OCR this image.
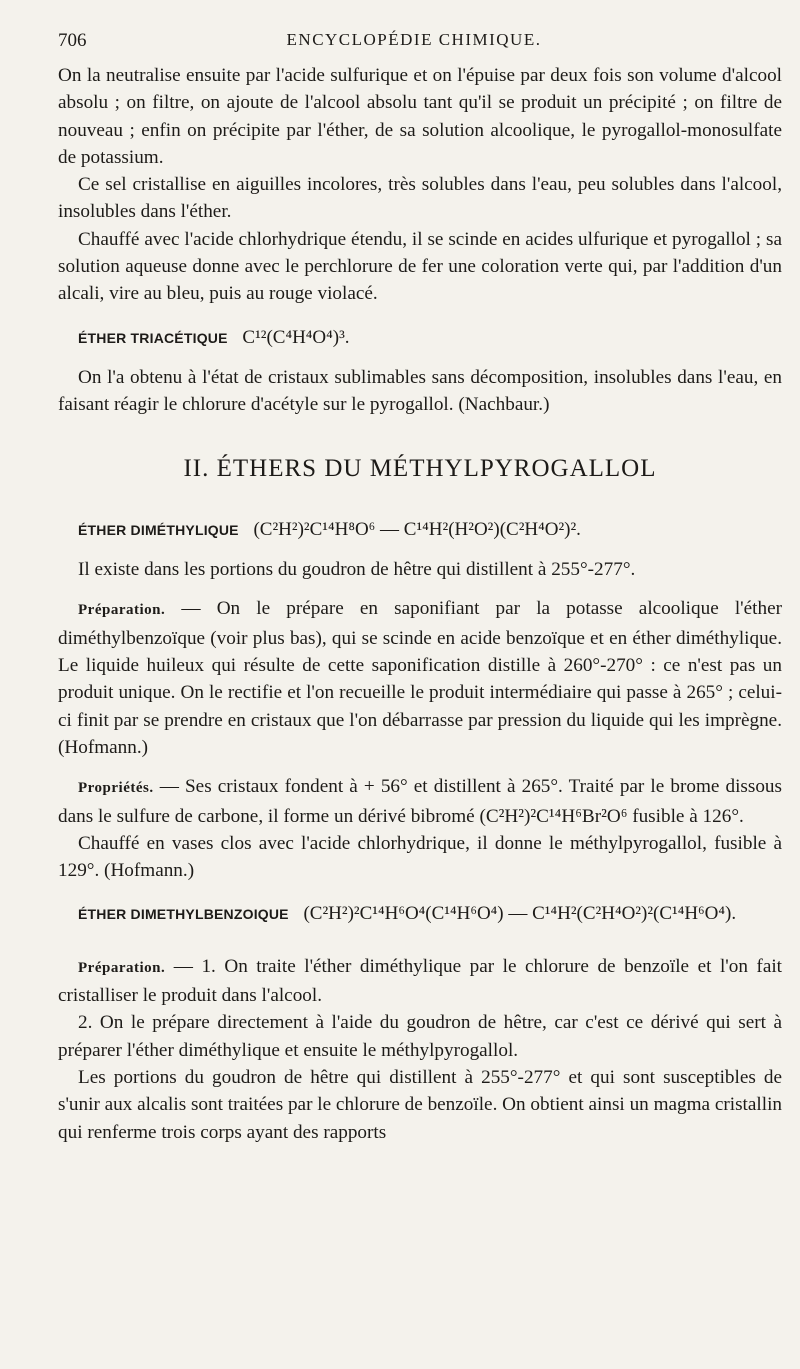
706	ENCYCLOPÉDIE CHIMIQUE.

On la neutralise ensuite par l'acide sulfurique et on l'épuise par deux fois son volume d'alcool absolu ; on filtre, on ajoute de l'alcool absolu tant qu'il se produit un précipité ; on filtre de nouveau ; enfin on précipite par l'éther, de sa solution alcoolique, le pyrogallol-monosulfate de potassium.

Ce sel cristallise en aiguilles incolores, très solubles dans l'eau, peu solubles dans l'alcool, insolubles dans l'éther.

Chauffé avec l'acide chlorhydrique étendu, il se scinde en acides ulfurique et pyrogallol ; sa solution aqueuse donne avec le perchlorure de fer une coloration verte qui, par l'addition d'un alcali, vire au bleu, puis au rouge violacé.

ÉTHER TRIACÉTIQUE C¹²(C⁴H⁴O⁴)³.

On l'a obtenu à l'état de cristaux sublimables sans décomposition, insolubles dans l'eau, en faisant réagir le chlorure d'acétyle sur le pyrogallol. (Nachbaur.)

II. ÉTHERS DU MÉTHYLPYROGALLOL
ÉTHER DIMÉTHYLIQUE (C²H²)²C¹⁴H⁸O⁶ — C¹⁴H²(H²O²)(C²H⁴O²)².

Il existe dans les portions du goudron de hêtre qui distillent à 255°-277°.

Préparation. — On le prépare en saponifiant par la potasse alcoolique l'éther diméthylbenzoïque (voir plus bas), qui se scinde en acide benzoïque et en éther diméthylique. Le liquide huileux qui résulte de cette saponification distille à 260°-270° : ce n'est pas un produit unique. On le rectifie et l'on recueille le produit intermédiaire qui passe à 265° ; celui-ci finit par se prendre en cristaux que l'on débarrasse par pression du liquide qui les imprègne. (Hofmann.)

Propriétés. — Ses cristaux fondent à + 56° et distillent à 265°. Traité par le brome dissous dans le sulfure de carbone, il forme un dérivé bibromé (C²H²)²C¹⁴H⁶Br²O⁶ fusible à 126°.

Chauffé en vases clos avec l'acide chlorhydrique, il donne le méthylpyrogallol, fusible à 129°. (Hofmann.)

ÉTHER DIMETHYLBENZOIQUE (C²H²)²C¹⁴H⁶O⁴(C¹⁴H⁶O⁴) — C¹⁴H²(C²H⁴O²)²(C¹⁴H⁶O⁴).

Préparation. — 1. On traite l'éther diméthylique par le chlorure de benzoïle et l'on fait cristalliser le produit dans l'alcool.

2. On le prépare directement à l'aide du goudron de hêtre, car c'est ce dérivé qui sert à préparer l'éther diméthylique et ensuite le méthylpyrogallol.

Les portions du goudron de hêtre qui distillent à 255°-277° et qui sont susceptibles de s'unir aux alcalis sont traitées par le chlorure de benzoïle. On obtient ainsi un magma cristallin qui renferme trois corps ayant des rapports
